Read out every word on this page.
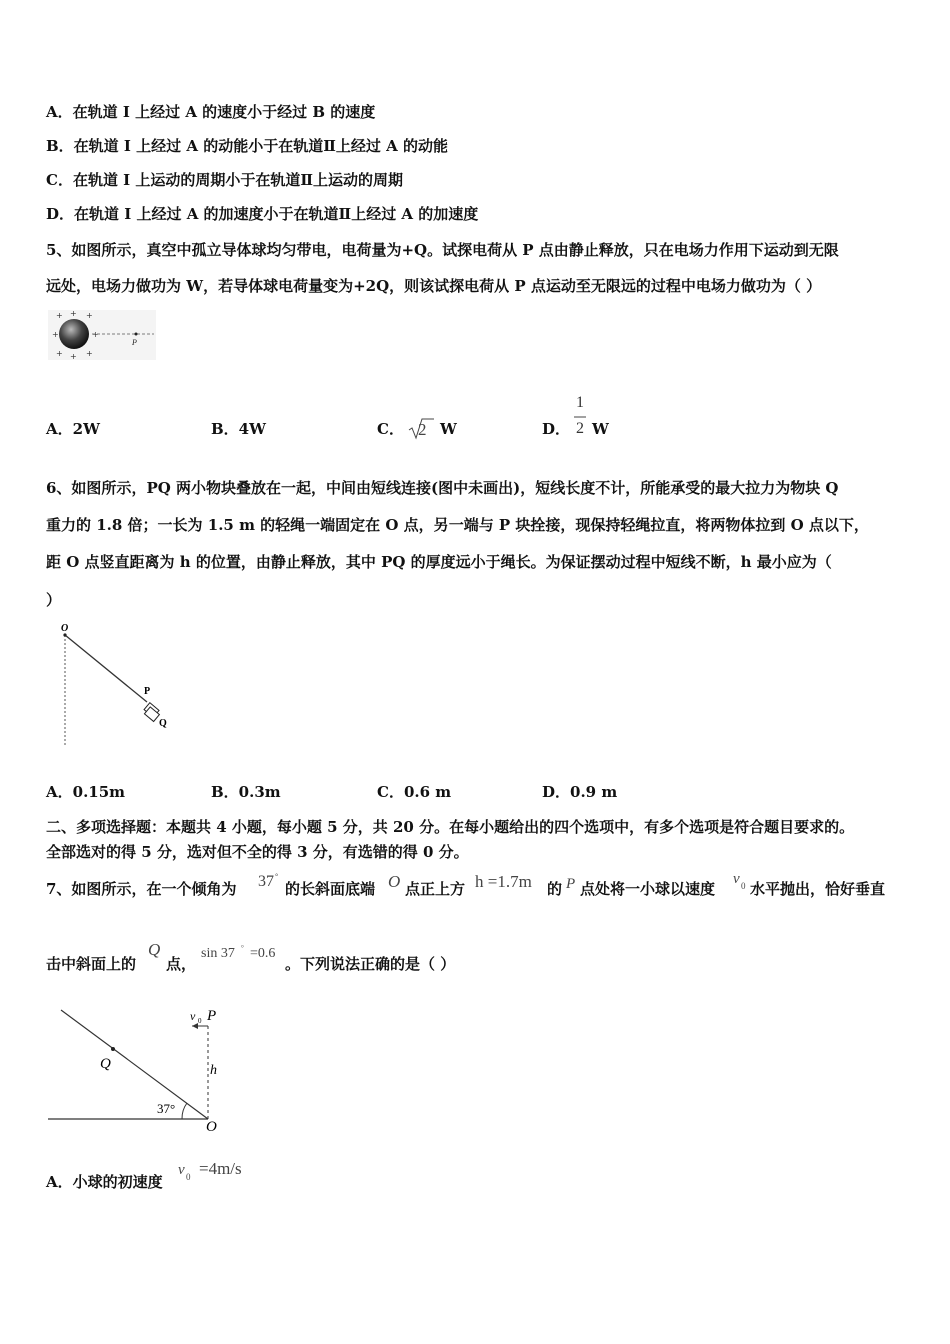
A．在轨道 I 上经过 A 的速度小于经过 B 的速度
B．在轨道 I 上经过 A 的动能小于在轨道Ⅱ上经过 A 的动能
C．在轨道 I 上运动的周期小于在轨道Ⅱ上运动的周期
D．在轨道 I 上经过 A 的加速度小于在轨道Ⅱ上经过 A 的加速度
5、如图所示，真空中孤立导体球均匀带电，电荷量为+Q。试探电荷从 P 点由静止释放，只在电场力作用下运动到无限
远处，电场力做功为 W，若导体球电荷量变为+2Q，则该试探电荷从 P 点运动至无限远的过程中电场力做功为（ ）
+ + +
+	+
+ + +
P
A．2W	B．4W	C． 2 W	D．
1
2 W
6、如图所示，PQ 两小物块叠放在一起，中间由短线连接(图中未画出)，短线长度不计，所能承受的最大拉力为物块 Q
重力的 1.8 倍；一长为 1.5 m 的轻绳一端固定在 O 点，另一端与 P 块拴接，现保持轻绳拉直，将两物体拉到 O 点以下，
距 O 点竖直距离为 h 的位置，由静止释放，其中 PQ 的厚度远小于绳长。为保证摆动过程中短线不断，h 最小应为（
）
O
P
Q
A．0.15m	B．0.3m	C．0.6 m	D．0.9 m
二、多项选择题：本题共 4 小题，每小题 5 分，共 20 分。在每小题给出的四个选项中，有多个选项是符合题目要求的。
全部选对的得 5 分，选对但不全的得 3 分，有选错的得 0 分。
7、如图所示，在一个倾角为 37 °
的长斜面底端 O 点正上方 h =1.7m 的 P 点处将一小球以速度
v 0 水平抛出，恰好垂直
击中斜面上的
Q
点，
sin 37 ° =0.6
。下列说法正确的是（ ）
v 0 P
Q	h
37°
O
A．小球的初速度
v 0 =4m/s
